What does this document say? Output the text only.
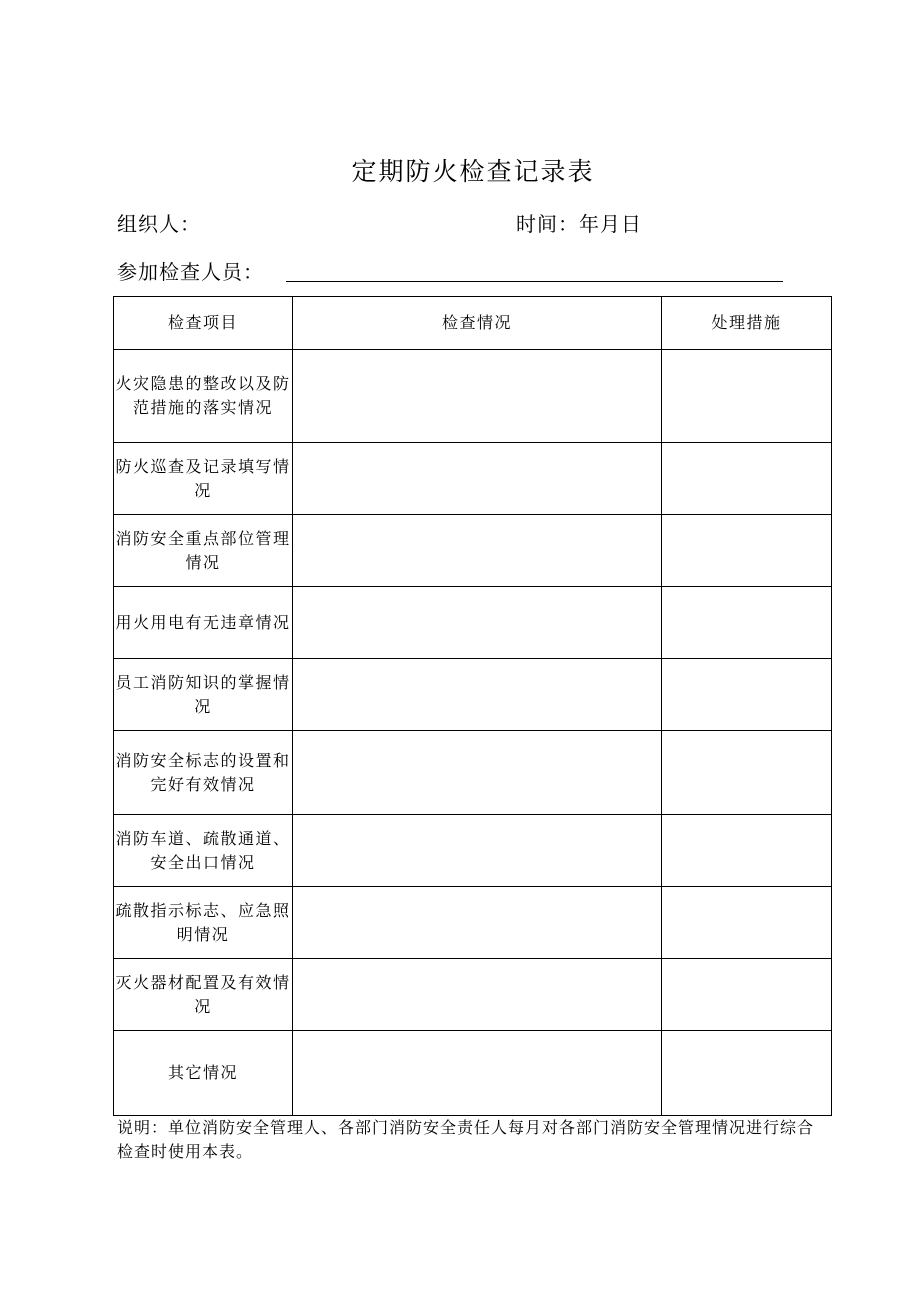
定期防火检查记录表
组织人：	时间：年月日
参加检查人员：
检查项目	检查情况	处理措施
火灾隐患的整改以及防范措施的落实情况		
防火巡查及记录填写情况		
消防安全重点部位管理情况		
用火用电有无违章情况		
员工消防知识的掌握情况		
消防安全标志的设置和完好有效情况		
消防车道、疏散通道、安全出口情况		
疏散指示标志、应急照明情况		
灭火器材配置及有效情况		
其它情况		
说明：单位消防安全管理人、各部门消防安全责任人每月对各部门消防安全管理情况进行综合检查时使用本表。
